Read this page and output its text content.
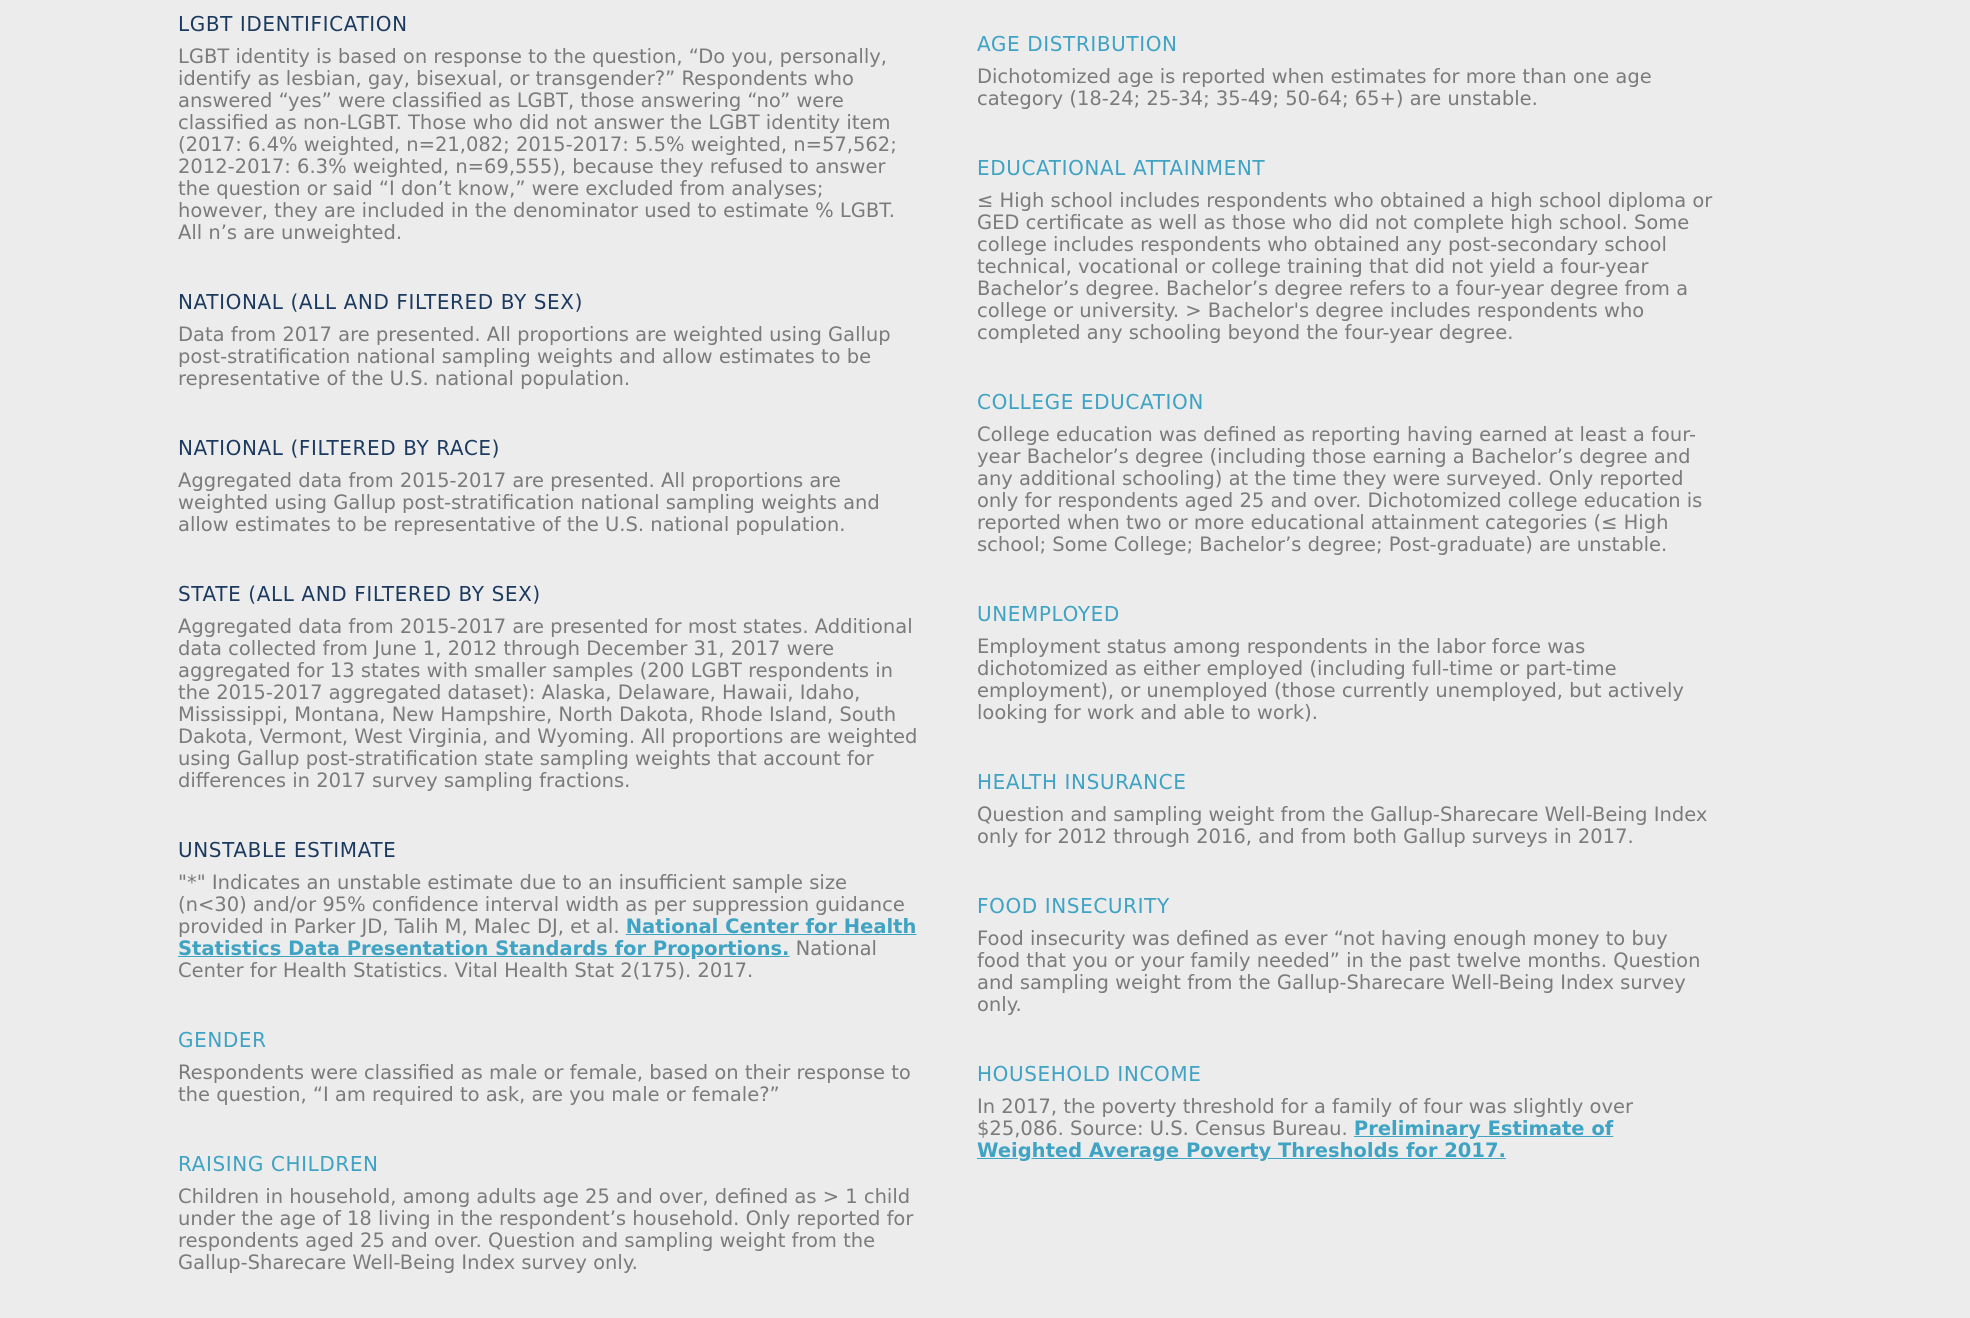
LGBT IDENTIFICATION

LGBT identity is based on response to the question, “Do you, personally, identify as lesbian, gay, bisexual, or transgender?” Respondents who answered “yes” were classified as LGBT, those answering “no” were classified as non-LGBT. Those who did not answer the LGBT identity item (2017: 6.4% weighted, n=21,082; 2015-2017: 5.5% weighted, n=57,562; 2012-2017: 6.3% weighted, n=69,555), because they refused to answer the question or said “I don’t know,” were excluded from analyses; however, they are included in the denominator used to estimate % LGBT. All n’s are unweighted.

NATIONAL (ALL AND FILTERED BY SEX)

Data from 2017 are presented. All proportions are weighted using Gallup post-stratification national sampling weights and allow estimates to be representative of the U.S. national population.

NATIONAL (FILTERED BY RACE)

Aggregated data from 2015-2017 are presented. All proportions are weighted using Gallup post-stratification national sampling weights and allow estimates to be representative of the U.S. national population.

STATE (ALL AND FILTERED BY SEX)

Aggregated data from 2015-2017 are presented for most states. Additional data collected from June 1, 2012 through December 31, 2017 were aggregated for 13 states with smaller samples (200 LGBT respondents in the 2015-2017 aggregated dataset): Alaska, Delaware, Hawaii, Idaho, Mississippi, Montana, New Hampshire, North Dakota, Rhode Island, South Dakota, Vermont, West Virginia, and Wyoming. All proportions are weighted using Gallup post-stratification state sampling weights that account for differences in 2017 survey sampling fractions.

UNSTABLE ESTIMATE

"*" Indicates an unstable estimate due to an insufficient sample size (n<30) and/or 95% confidence interval width as per suppression guidance provided in Parker JD, Talih M, Malec DJ, et al. National Center for Health Statistics Data Presentation Standards for Proportions. National Center for Health Statistics. Vital Health Stat 2(175). 2017.

GENDER

Respondents were classified as male or female, based on their response to the question, “I am required to ask, are you male or female?”

RAISING CHILDREN

Children in household, among adults age 25 and over, defined as > 1 child under the age of 18 living in the respondent’s household. Only reported for respondents aged 25 and over. Question and sampling weight from the Gallup-Sharecare Well-Being Index survey only.

AGE DISTRIBUTION

Dichotomized age is reported when estimates for more than one age category (18-24; 25-34; 35-49; 50-64; 65+) are unstable.

EDUCATIONAL ATTAINMENT

≤ High school includes respondents who obtained a high school diploma or GED certificate as well as those who did not complete high school. Some college includes respondents who obtained any post-secondary school technical, vocational or college training that did not yield a four-year Bachelor’s degree. Bachelor’s degree refers to a four-year degree from a college or university. > Bachelor's degree includes respondents who completed any schooling beyond the four-year degree.

COLLEGE EDUCATION

College education was defined as reporting having earned at least a four-year Bachelor’s degree (including those earning a Bachelor’s degree and any additional schooling) at the time they were surveyed. Only reported only for respondents aged 25 and over. Dichotomized college education is reported when two or more educational attainment categories (≤ High school; Some College; Bachelor’s degree; Post-graduate) are unstable.

UNEMPLOYED

Employment status among respondents in the labor force was dichotomized as either employed (including full-time or part-time employment), or unemployed (those currently unemployed, but actively looking for work and able to work).

HEALTH INSURANCE

Question and sampling weight from the Gallup-Sharecare Well-Being Index only for 2012 through 2016, and from both Gallup surveys in 2017.

FOOD INSECURITY

Food insecurity was defined as ever “not having enough money to buy food that you or your family needed” in the past twelve months. Question and sampling weight from the Gallup-Sharecare Well-Being Index survey only.

HOUSEHOLD INCOME

In 2017, the poverty threshold for a family of four was slightly over $25,086. Source: U.S. Census Bureau. Preliminary Estimate of Weighted Average Poverty Thresholds for 2017.
